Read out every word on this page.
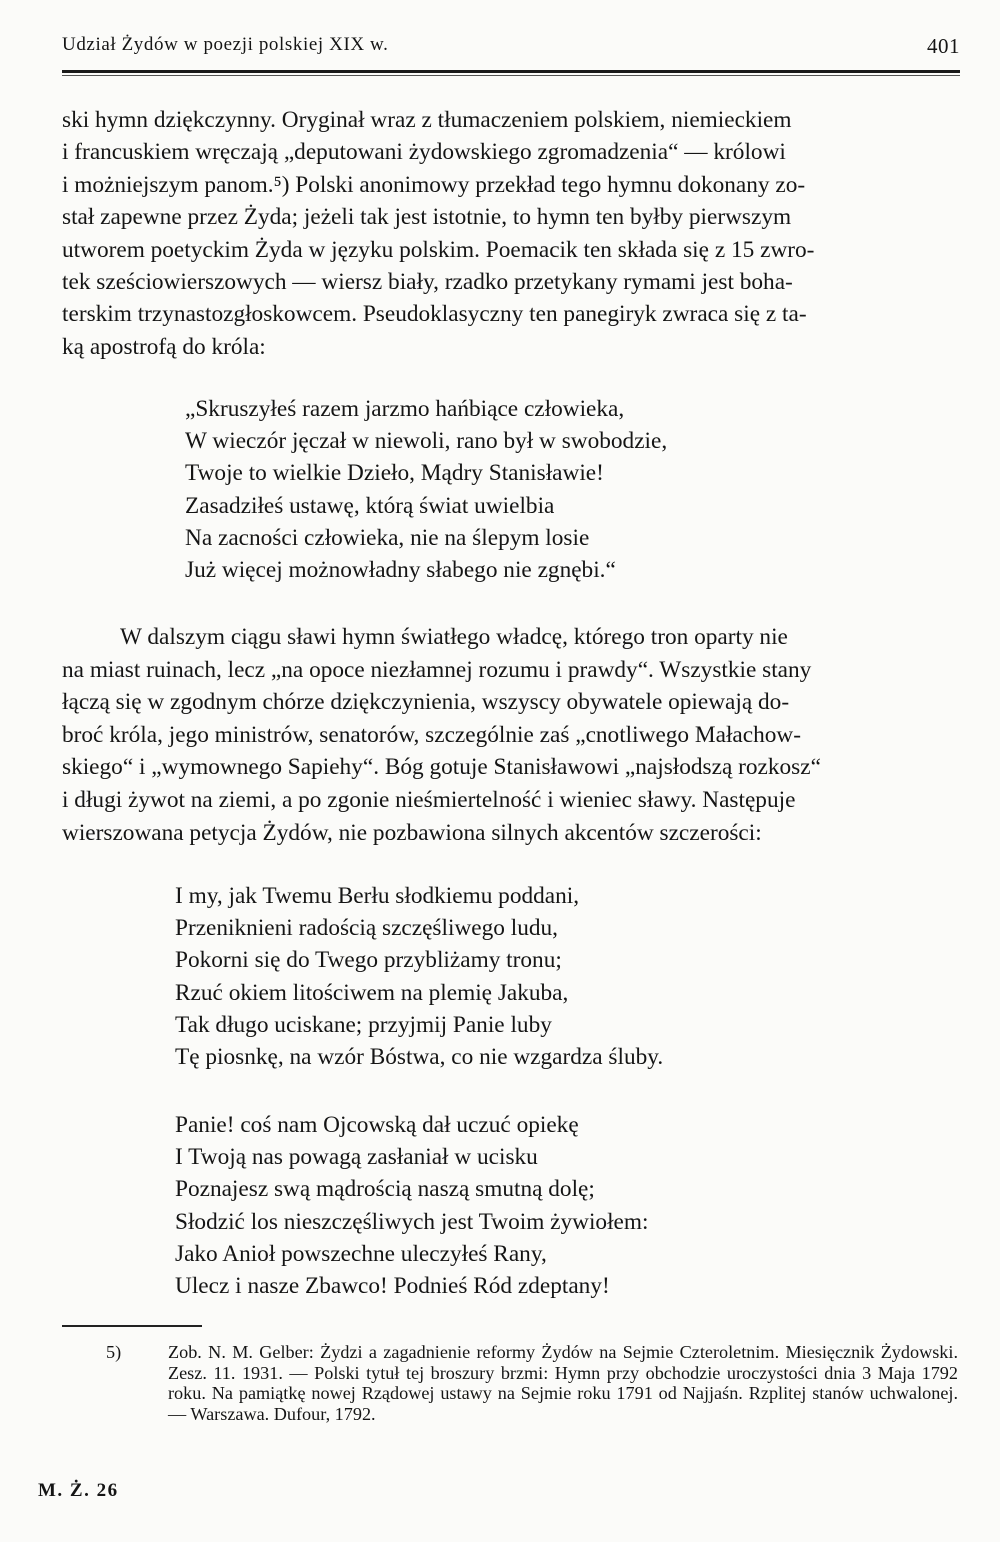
Udział Żydów w poezji polskiej XIX w.	401

ski hymn dziękczynny. Oryginał wraz z tłumaczeniem polskiem, niemieckiem

i francuskiem wręczają „deputowani żydowskiego zgromadzenia“ — królowi

i możniejszym panom.⁵) Polski anonimowy przekład tego hymnu dokonany zo-

stał zapewne przez Żyda; jeżeli tak jest istotnie, to hymn ten byłby pierwszym

utworem poetyckim Żyda w języku polskim. Poemacik ten składa się z 15 zwro-

tek sześciowierszowych — wiersz biały, rzadko przetykany rymami jest boha-

terskim trzynastozgłoskowcem. Pseudoklasyczny ten panegiryk zwraca się z ta-

ką apostrofą do króla:

„Skruszyłeś razem jarzmo hańbiące człowieka,
W wieczór jęczał w niewoli, rano był w swobodzie,
Twoje to wielkie Dzieło, Mądry Stanisławie!
Zasadziłeś ustawę, którą świat uwielbia
Na zacności człowieka, nie na ślepym losie
Już więcej możnowładny słabego nie zgnębi.“

W dalszym ciągu sławi hymn światłego władcę, którego tron oparty nie

na miast ruinach, lecz „na opoce niezłamnej rozumu i prawdy“. Wszystkie stany

łączą się w zgodnym chórze dziękczynienia, wszyscy obywatele opiewają do-

broć króla, jego ministrów, senatorów, szczególnie zaś „cnotliwego Małachow-

skiego“ i „wymownego Sapiehy“. Bóg gotuje Stanisławowi „najsłodszą rozkosz“

i długi żywot na ziemi, a po zgonie nieśmiertelność i wieniec sławy. Następuje

wierszowana petycja Żydów, nie pozbawiona silnych akcentów szczerości:

I my, jak Twemu Berłu słodkiemu poddani,
Przeniknieni radością szczęśliwego ludu,
Pokorni się do Twego przybliżamy tronu;
Rzuć okiem litościwem na plemię Jakuba,
Tak długo uciskane; przyjmij Panie luby
Tę piosnkę, na wzór Bóstwa, co nie wzgardza śluby.
Panie! coś nam Ojcowską dał uczuć opiekę
I Twoją nas powagą zasłaniał w ucisku
Poznajesz swą mądrością naszą smutną dolę;
Słodzić los nieszczęśliwych jest Twoim żywiołem:
Jako Anioł powszechne uleczyłeś Rany,
Ulecz i nasze Zbawco! Podnieś Ród zdeptany!
5)	Zob. N. M. Gelber: Żydzi a zagadnienie reformy Żydów na Sejmie Czteroletnim. Miesięcznik Żydowski. Zesz. 11. 1931. — Polski tytuł tej broszury brzmi: Hymn przy obchodzie uroczystości dnia 3 Maja 1792 roku. Na pamiątkę nowej Rządowej ustawy na Sejmie roku 1791 od Najjaśn. Rzplitej stanów uchwalonej. — Warszawa. Dufour, 1792.
M. Ż. 26
